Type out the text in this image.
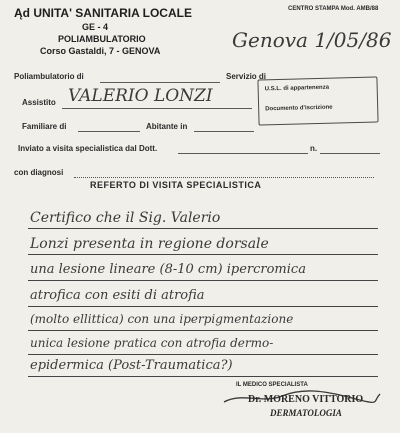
Ąd UNITA' SANITARIA LOCALE
GE - 4
POLIAMBULATORIO
Corso Gastaldi, 7 - GENOVA
CENTRO STAMPA Mod. AMB/88
Genova 1/05/86
Poliambulatorio di	Servizio di
Assistito VALERIO LONZI
Familiare di	Abitante in
Inviato a visita specialistica dal Dott.	n.
con diagnosi
U.S.L. di appartenenza
Documento d'iscrizione
REFERTO DI VISITA SPECIALISTICA
Certifico che il Sig. Valerio
Lonzi presenta in regione dorsale
una lesione lineare (8-10 cm) ipercromica
atrofica con esiti di atrofia
(molto ellittica) con una iperpigmentazione
unica lesione pratica con atrofia dermo-
epidermica (Post-Traumatica?)
IL MEDICO SPECIALISTA
Dr. MORENO VITTORIO
DERMATOLOGIA
